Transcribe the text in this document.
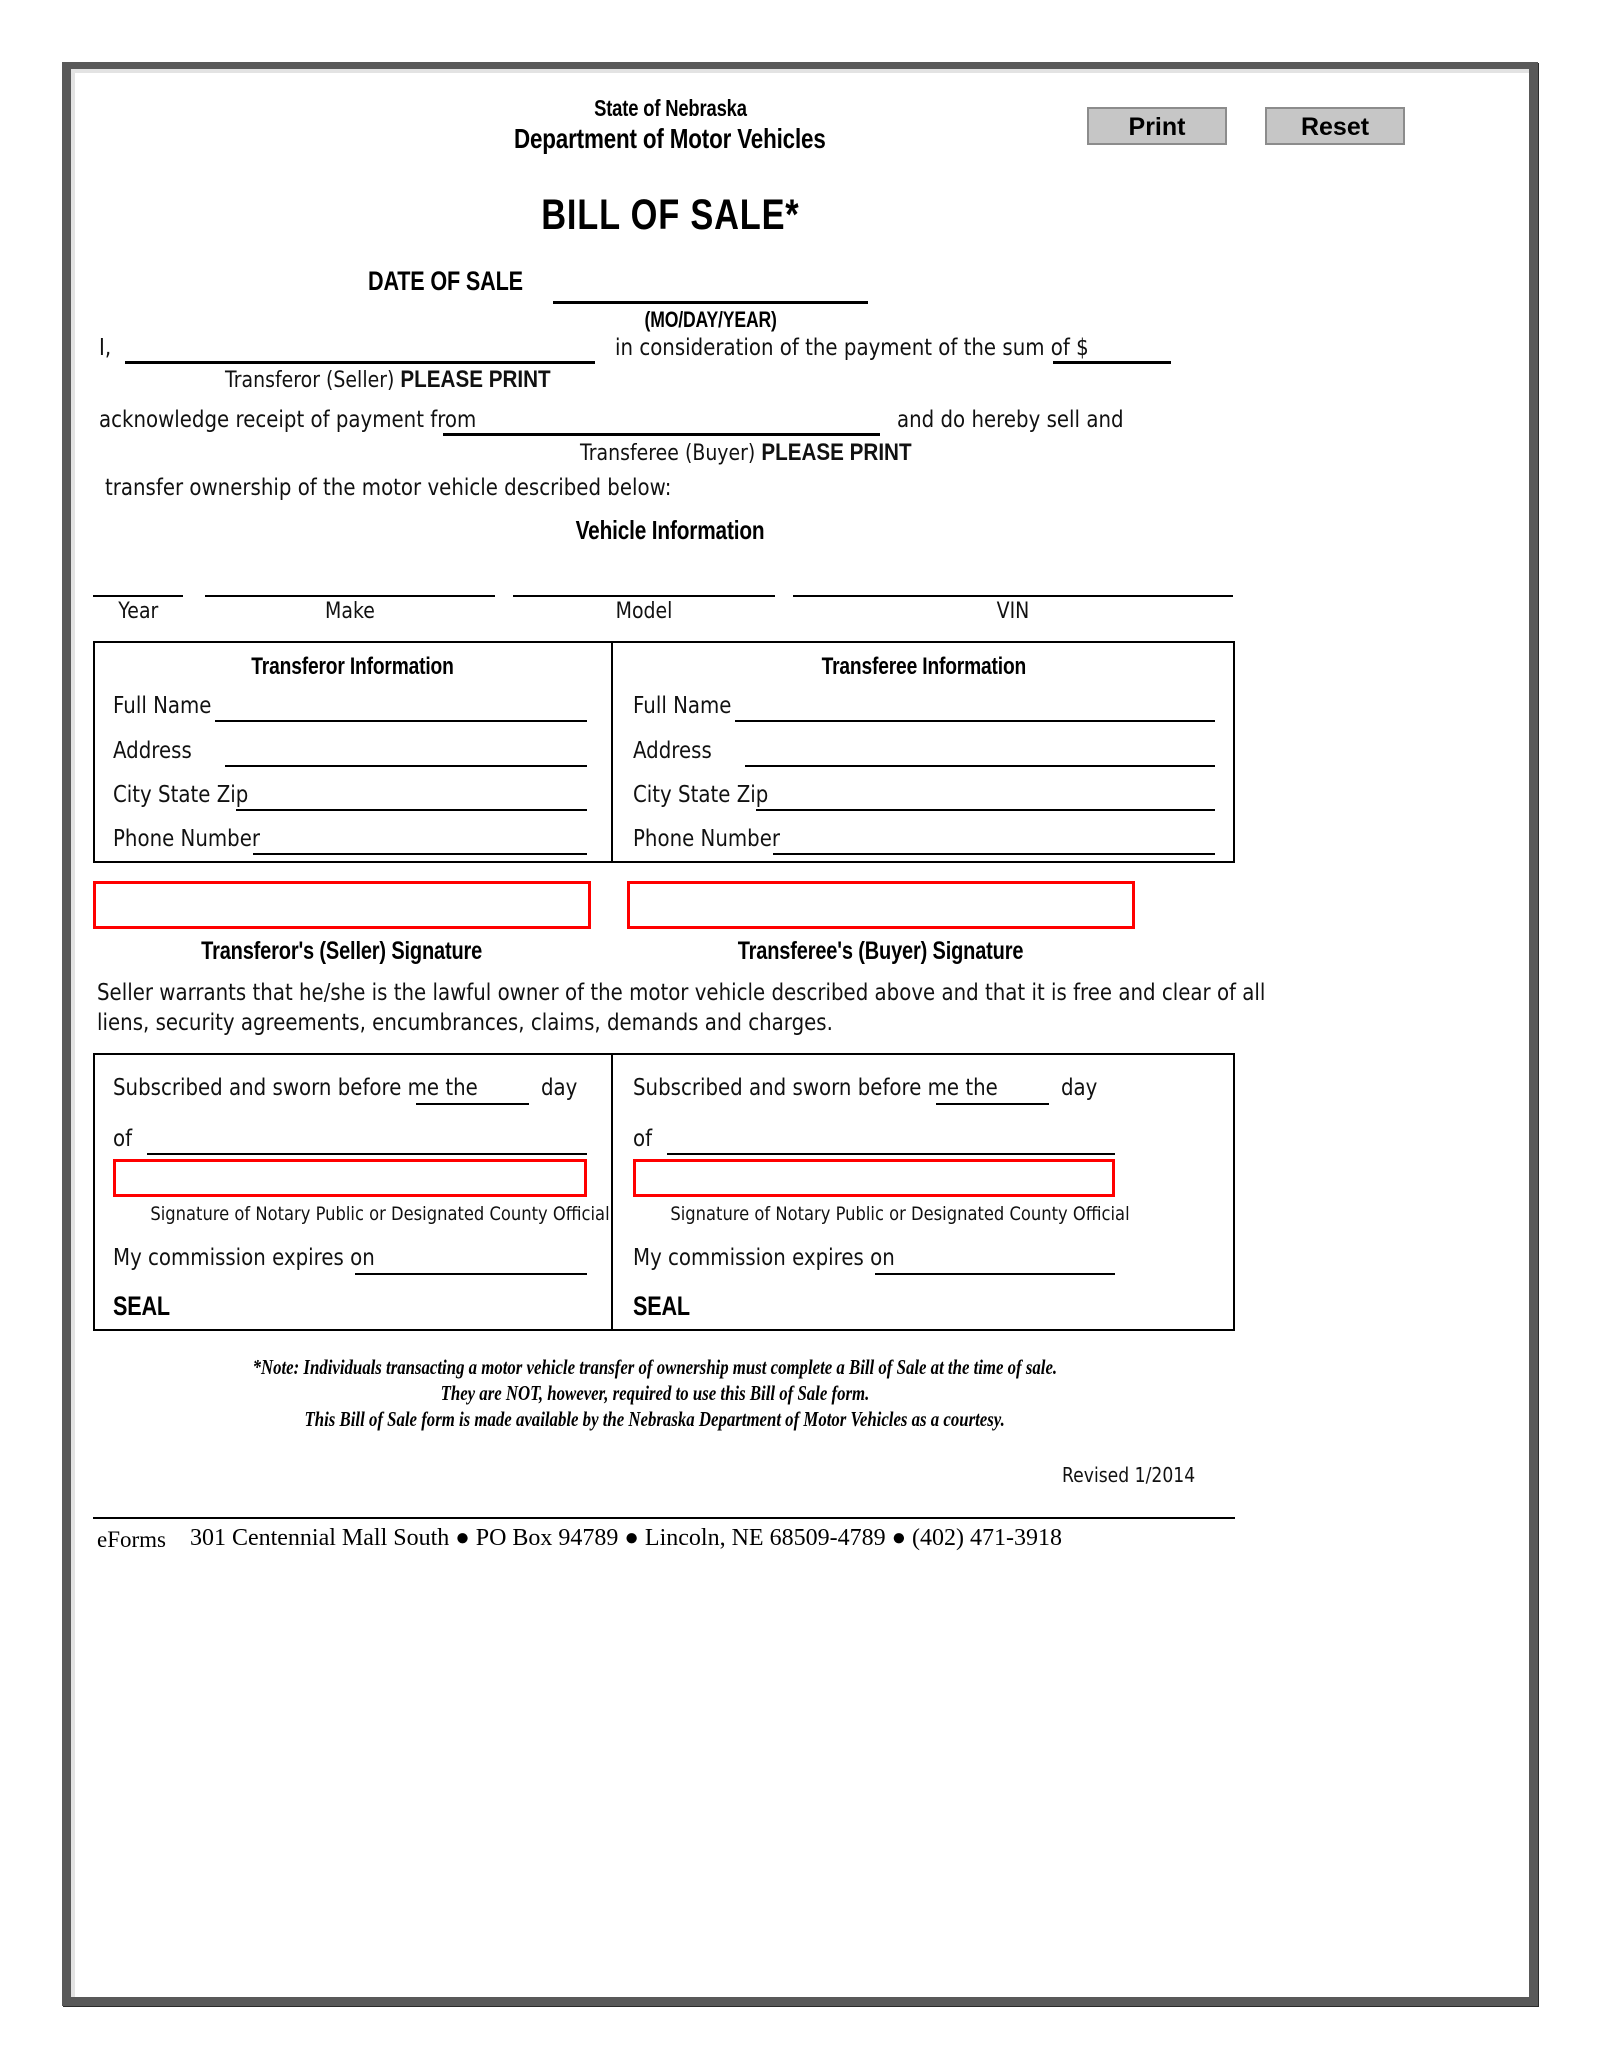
State of Nebraska
Department of Motor Vehicles	Print	Reset
BILL OF SALE*
DATE OF SALE
(MO/DAY/YEAR)
I,	in consideration of the payment of the sum of $
Transferor (Seller) PLEASE PRINT
acknowledge receipt of payment from	and do hereby sell and
Transferee (Buyer) PLEASE PRINT
transfer ownership of the motor vehicle described below:
Vehicle Information
Year	Make	Model	VIN
Transferor Information	Transferee Information
Full Name
Address
City State Zip
Phone Number
Full Name
Address
City State Zip
Phone Number
Transferor's (Seller) Signature	Transferee's (Buyer) Signature
Seller warrants that he/she is the lawful owner of the motor vehicle described above and that it is free and clear of all
liens, security agreements, encumbrances, claims, demands and charges.
Subscribed and sworn before me the	day
of
Signature of Notary Public or Designated County Official
My commission expires on
SEAL
Subscribed and sworn before me the	day
of
Signature of Notary Public or Designated County Official
My commission expires on
SEAL
*Note: Individuals transacting a motor vehicle transfer of ownership must complete a Bill of Sale at the time of sale.
They are NOT, however, required to use this Bill of Sale form.
This Bill of Sale form is made available by the Nebraska Department of Motor Vehicles as a courtesy.
Revised 1/2014
eForms 301 Centennial Mall South ● PO Box 94789 ● Lincoln, NE 68509-4789 ● (402) 471-3918
